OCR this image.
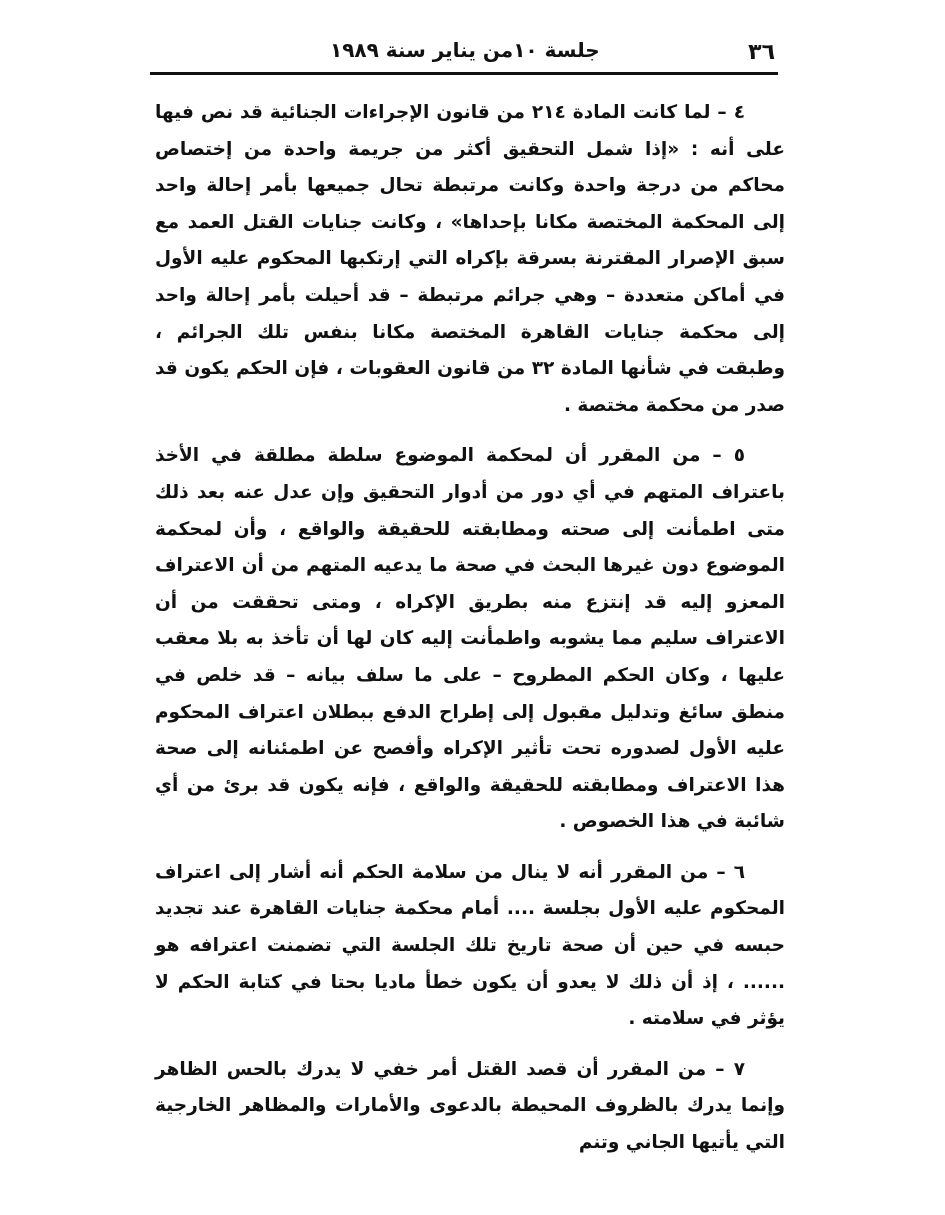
٣٦
جلسة ١٠من يناير سنة ١٩٨٩

٤ – لما كانت المادة ٢١٤ من قانون الإجراءات الجنائية قد نص فيها على أنه : «إذا شمل التحقيق أكثر من جريمة واحدة من إختصاص محاكم من درجة واحدة وكانت مرتبطة تحال جميعها بأمر إحالة واحد إلى المحكمة المختصة مكانا بإحداها» ، وكانت جنايات القتل العمد مع سبق الإصرار المقترنة بسرقة بإكراه التي إرتكبها المحكوم عليه الأول في أماكن متعددة – وهي جرائم مرتبطة – قد أحيلت بأمر إحالة واحد إلى محكمة جنايات القاهرة المختصة مكانا بنفس تلك الجرائم ، وطبقت في شأنها المادة ٣٢ من قانون العقوبات ، فإن الحكم يكون قد صدر من محكمة مختصة .

٥ – من المقرر أن لمحكمة الموضوع سلطة مطلقة في الأخذ باعتراف المتهم في أي دور من أدوار التحقيق وإن عدل عنه بعد ذلك متى اطمأنت إلى صحته ومطابقته للحقيقة والواقع ، وأن لمحكمة الموضوع دون غيرها البحث في صحة ما يدعيه المتهم من أن الاعتراف المعزو إليه قد إنتزع منه بطريق الإكراه ، ومتى تحققت من أن الاعتراف سليم مما يشوبه واطمأنت إليه كان لها أن تأخذ به بلا معقب عليها ، وكان الحكم المطروح – على ما سلف بيانه – قد خلص في منطق سائغ وتدليل مقبول إلى إطراح الدفع ببطلان اعتراف المحكوم عليه الأول لصدوره تحت تأثير الإكراه وأفصح عن اطمئنانه إلى صحة هذا الاعتراف ومطابقته للحقيقة والواقع ، فإنه يكون قد برئ من أي شائبة في هذا الخصوص .

٦ – من المقرر أنه لا ينال من سلامة الحكم أنه أشار إلى اعتراف المحكوم عليه الأول بجلسة .... أمام محكمة جنايات القاهرة عند تجديد حبسه في حين أن صحة تاريخ تلك الجلسة التي تضمنت اعترافه هو ...... ، إذ أن ذلك لا يعدو أن يكون خطأ ماديا بحتا في كتابة الحكم لا يؤثر في سلامته .

٧ – من المقرر أن قصد القتل أمر خفي لا يدرك بالحس الظاهر وإنما يدرك بالظروف المحيطة بالدعوى والأمارات والمظاهر الخارجية التي يأتيها الجاني وتنم
